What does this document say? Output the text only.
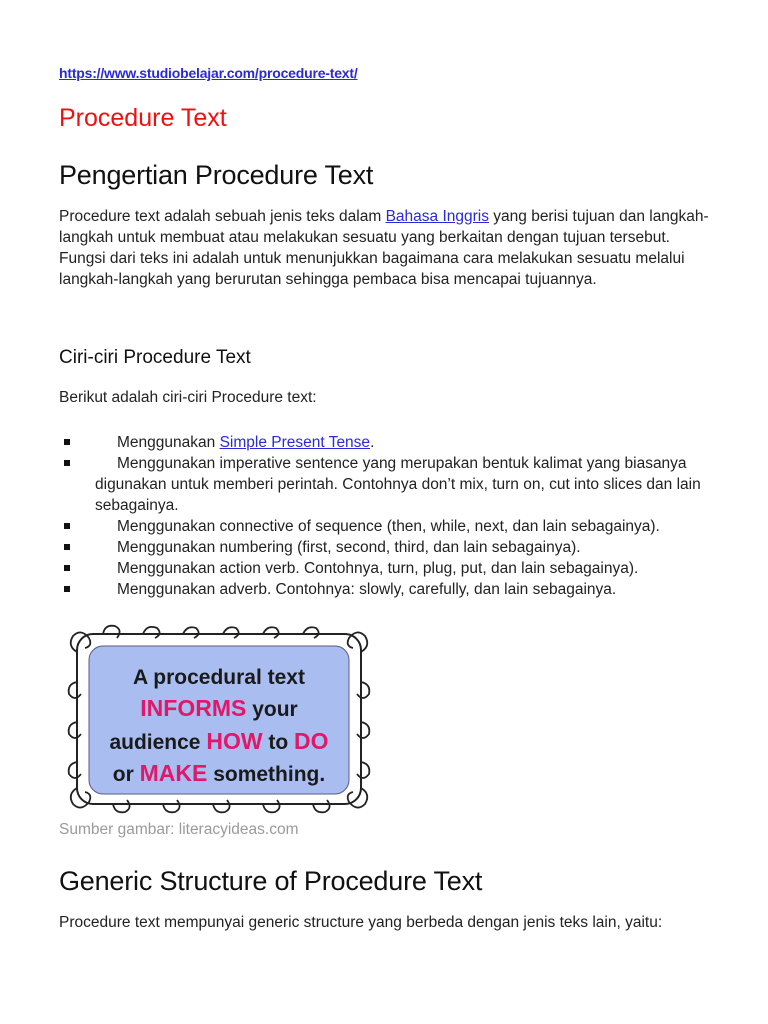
https://www.studiobelajar.com/procedure-text/
Procedure Text
Pengertian Procedure Text

Procedure text adalah sebuah jenis teks dalam Bahasa Inggris yang berisi tujuan dan langkah-langkah untuk membuat atau melakukan sesuatu yang berkaitan dengan tujuan tersebut. Fungsi dari teks ini adalah untuk menunjukkan bagaimana cara melakukan sesuatu melalui langkah-langkah yang berurutan sehingga pembaca bisa mencapai tujuannya.

Ciri-ciri Procedure Text

Berikut adalah ciri-ciri Procedure text:

Menggunakan Simple Present Tense.
Menggunakan imperative sentence yang merupakan bentuk kalimat yang biasanya digunakan untuk memberi perintah. Contohnya don’t mix, turn on, cut into slices dan lain sebagainya.
Menggunakan connective of sequence (then, while, next, dan lain sebagainya).
Menggunakan numbering (first, second, third, dan lain sebagainya).
Menggunakan action verb. Contohnya, turn, plug, put, dan lain sebagainya).
Menggunakan adverb. Contohnya: slowly, carefully, dan lain sebagainya.
A procedural text
INFORMS your
audience HOW to DO
or MAKE something.
Sumber gambar: literacyideas.com
Generic Structure of Procedure Text

Procedure text mempunyai generic structure yang berbeda dengan jenis teks lain, yaitu:
